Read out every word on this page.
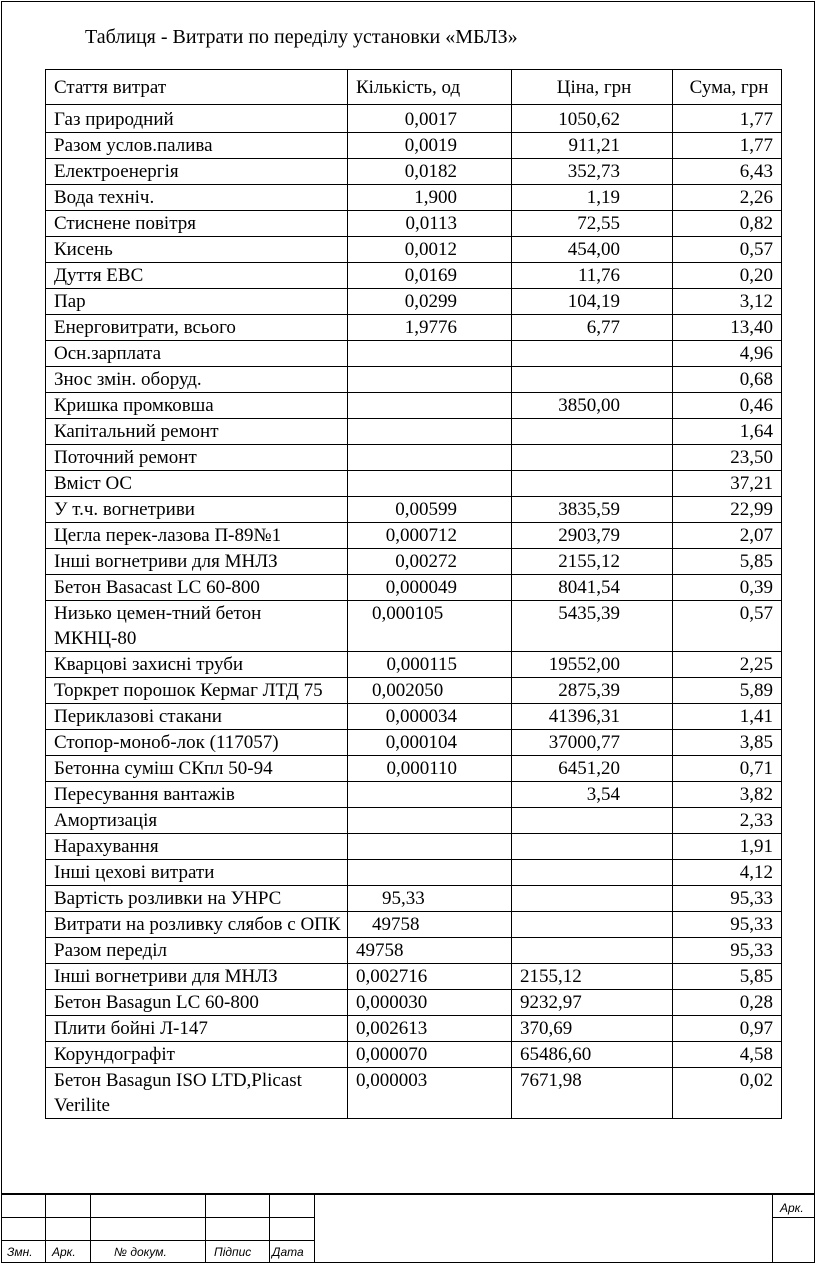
Таблиця - Витрати по переділу установки «МБЛЗ»
Стаття витрат	Кількість, од	Ціна, грн	Сума, грн
Газ природний	0,0017	1050,62	1,77
Разом услов.палива	0,0019	911,21	1,77
Електроенергія	0,0182	352,73	6,43
Вода техніч.	1,900	1,19	2,26
Стиснене повітря	0,0113	72,55	0,82
Кисень	0,0012	454,00	0,57
Дуття ЕВС	0,0169	11,76	0,20
Пар	0,0299	104,19	3,12
Енерговитрати, всього	1,9776	6,77	13,40
Осн.зарплата			4,96
Знос змін. оборуд.			0,68
Кришка промковша		3850,00	0,46
Капітальний ремонт			1,64
Поточний ремонт			23,50
Вміст ОС			37,21
У т.ч. вогнетриви	0,00599	3835,59	22,99
Цегла перек-лазова П-89№1	0,000712	2903,79	2,07
Інші вогнетриви для МНЛЗ	0,00272	2155,12	5,85
Бетон Basacast LC 60-800	0,000049	8041,54	0,39
Низько цемен-тний бетон МКНЦ-80	0,000105	5435,39	0,57
Кварцові захисні труби	0,000115	19552,00	2,25
Торкрет порошок Кермаг ЛТД 75	0,002050	2875,39	5,89
Периклазові стакани	0,000034	41396,31	1,41
Стопор-моноб-лок (117057)	0,000104	37000,77	3,85
Бетонна суміш СКпл 50-94	0,000110	6451,20	0,71
Пересування вантажів		3,54	3,82
Амортизація			2,33
Нарахування			1,91
Інші цехові витрати			4,12
Вартість розливки на УНРС	95,33		95,33
Витрати на розливку слябов с ОПК	49758		95,33
Разом переділ	49758		95,33
Інші вогнетриви для МНЛЗ	0,002716	2155,12	5,85
Бетон Basagun LC 60-800	0,000030	9232,97	0,28
Плити бойні Л-147	0,002613	370,69	0,97
Корундографіт	0,000070	65486,60	4,58
Бетон Basagun ISO LTD,Plicast Verilite	0,000003	7671,98	0,02
Змн. Арк.	№ докум.	Підпис Дата
Арк.
